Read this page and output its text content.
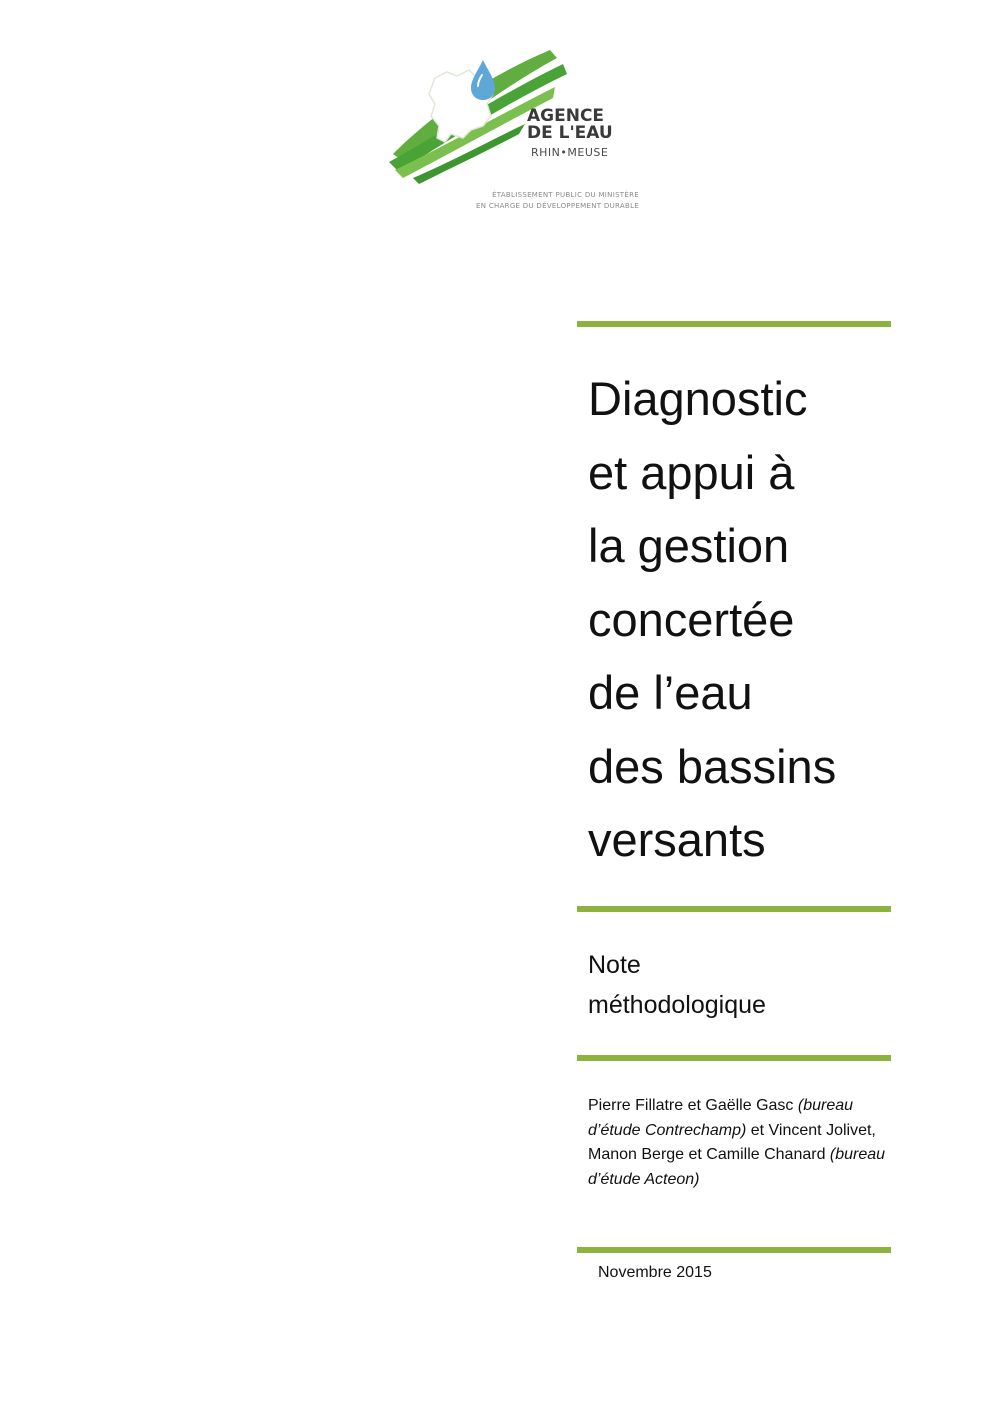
AGENCE
DE L'EAU
RHIN•MEUSE
ÉTABLISSEMENT PUBLIC DU MINISTÈRE
EN CHARGE DU DÉVELOPPEMENT DURABLE
Diagnostic
et appui à
la gestion
concertée
de l’eau
des bassins
versants
Note
méthodologique
Pierre Fillatre et Gaëlle Gasc (bureau d’étude Contrechamp) et Vincent Jolivet, Manon Berge et Camille Chanard (bureau d’étude Acteon)
Novembre 2015
